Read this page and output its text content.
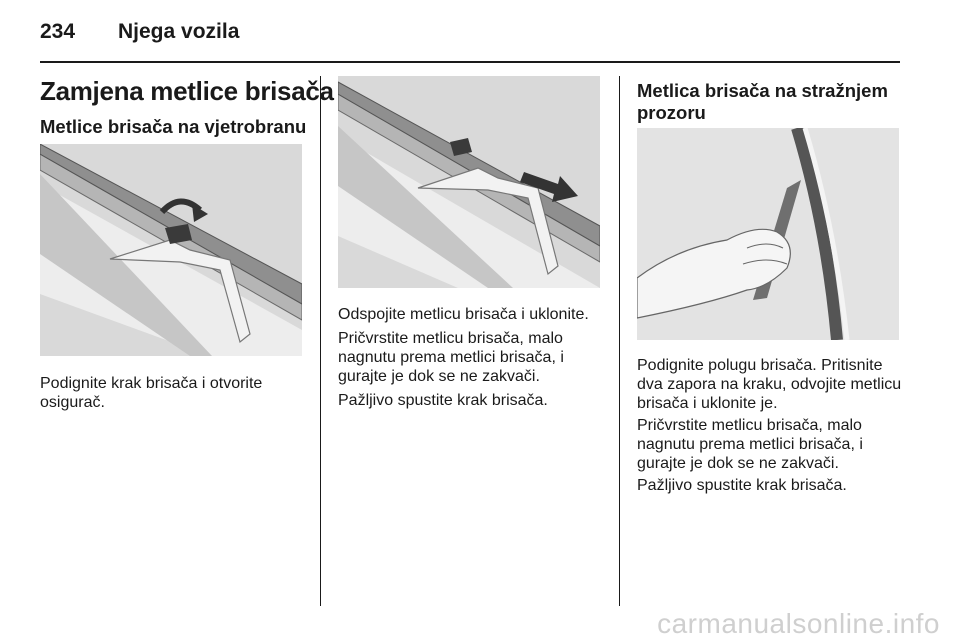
234 Njega vozila
Zamjena metlice brisača
Metlice brisača na vjetrobranu

Podignite krak brisača i otvorite osigurač.

Odspojite metlicu brisača i uklonite.

Pričvrstite metlicu brisača, malo nagnutu prema metlici brisača, i gurajte je dok se ne zakvači.

Pažljivo spustite krak brisača.

Metlica brisača na stražnjem prozoru

Podignite polugu brisača. Pritisnite dva zapora na kraku, odvojite metlicu brisača i uklonite je.

Pričvrstite metlicu brisača, malo nagnutu prema metlici brisača, i gurajte je dok se ne zakvači.

Pažljivo spustite krak brisača.

carmanualsonline.info
